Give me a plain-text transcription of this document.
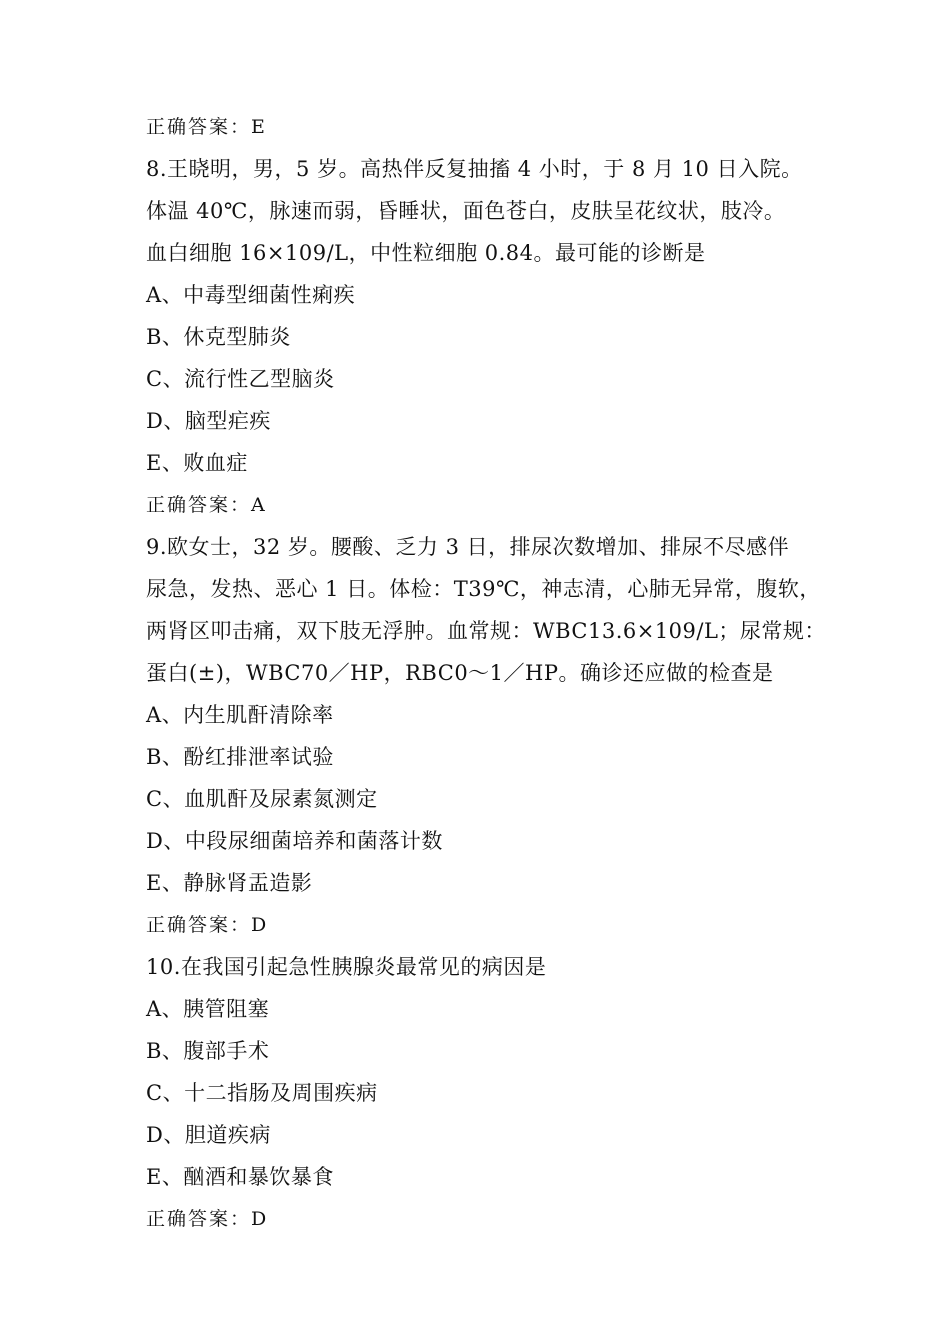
正确答案：E
8.王晓明，男，5 岁。高热伴反复抽搐 4 小时，于 8 月 10 日入院。
体温 40℃，脉速而弱，昏睡状，面色苍白，皮肤呈花纹状，肢冷。
血白细胞 16×109/L，中性粒细胞 0.84。最可能的诊断是
A、中毒型细菌性痢疾
B、休克型肺炎
C、流行性乙型脑炎
D、脑型疟疾
E、败血症
正确答案：A
9.欧女士，32 岁。腰酸、乏力 3 日，排尿次数增加、排尿不尽感伴
尿急，发热、恶心 1 日。体检：T39℃，神志清，心肺无异常，腹软，
两肾区叩击痛，双下肢无浮肿。血常规：WBC13.6×109/L；尿常规：
蛋白(±)，WBC70／HP，RBC0～1／HP。确诊还应做的检查是
A、内生肌酐清除率
B、酚红排泄率试验
C、血肌酐及尿素氮测定
D、中段尿细菌培养和菌落计数
E、静脉肾盂造影
正确答案：D
10.在我国引起急性胰腺炎最常见的病因是
A、胰管阻塞
B、腹部手术
C、十二指肠及周围疾病
D、胆道疾病
E、酗酒和暴饮暴食
正确答案：D
